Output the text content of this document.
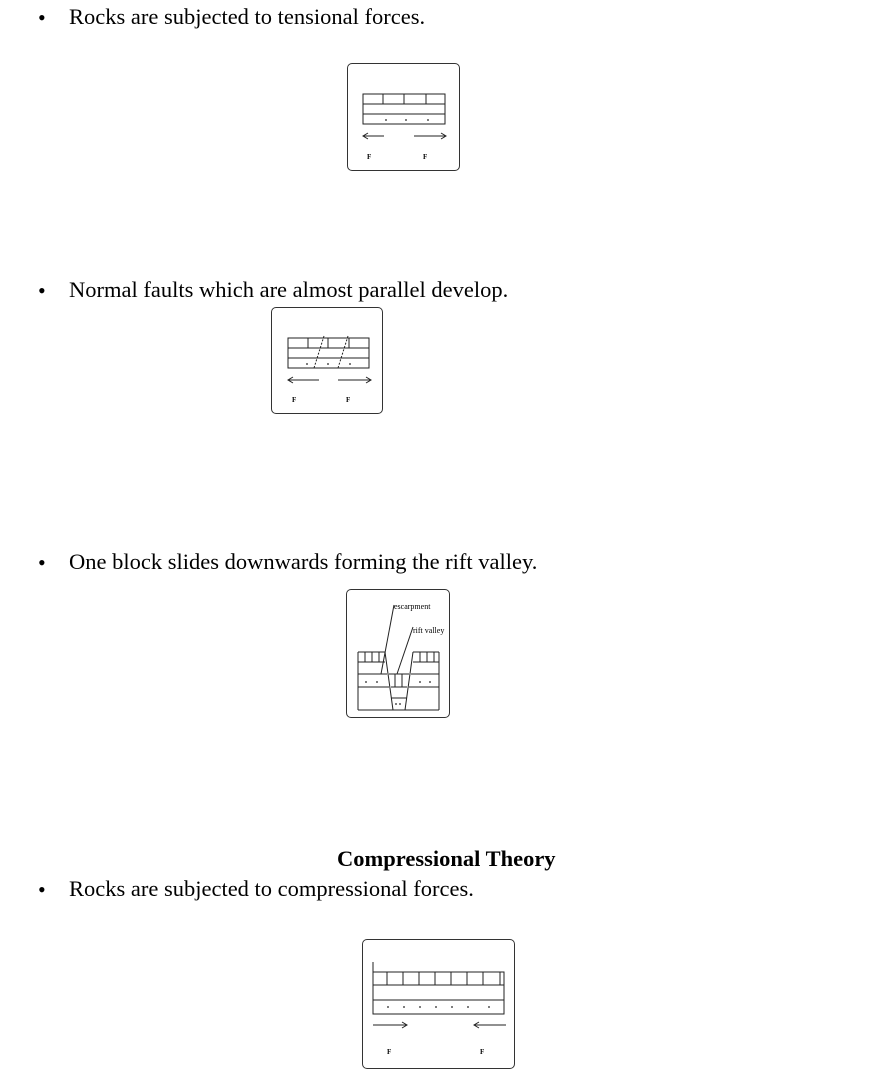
• Rocks are subjected to tensional forces.
F	F
• Normal faults which are almost parallel develop.
F	F
• One block slides downwards forming the rift valley.
escarpment
rift valley
Compressional Theory
• Rocks are subjected to compressional forces.
F	F
